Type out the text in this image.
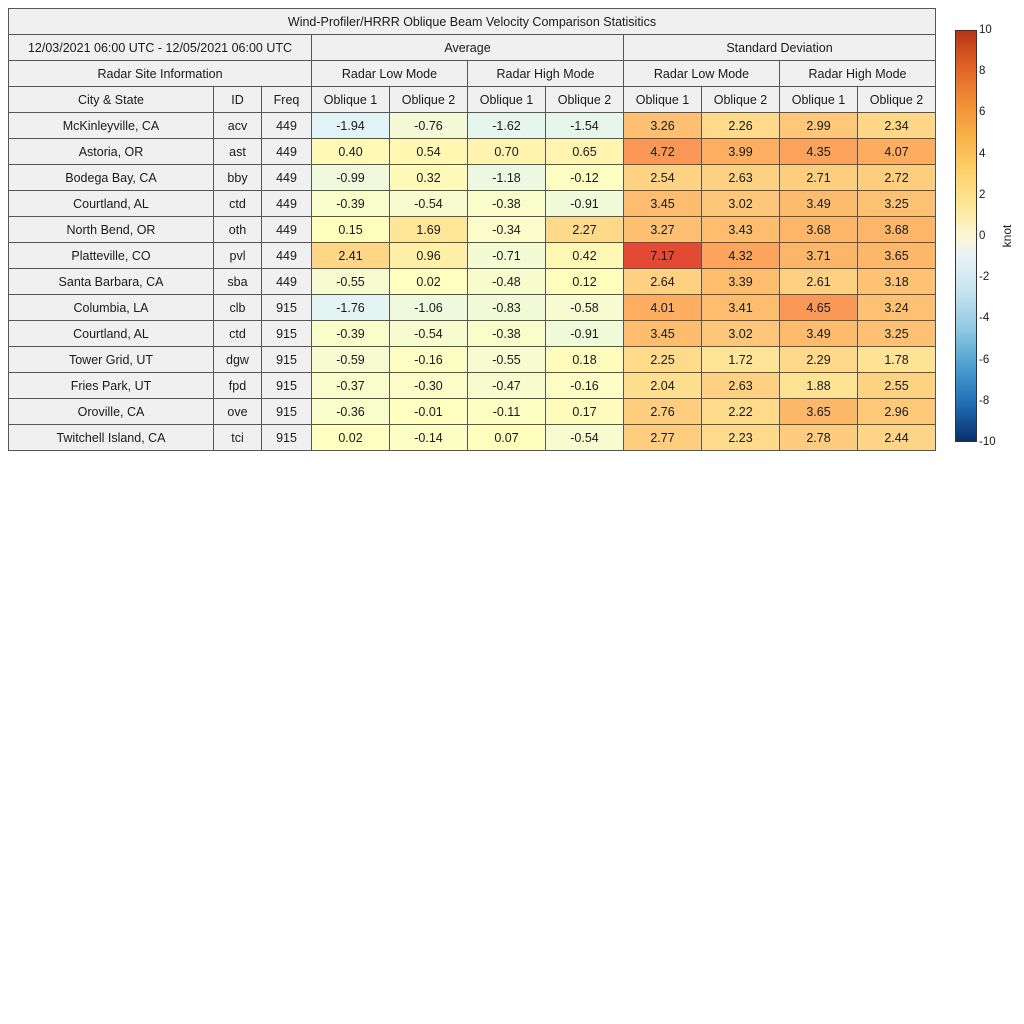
Wind-Profiler/HRRR Oblique Beam Velocity Comparison Statisitics										
12/03/2021 06:00 UTC - 12/05/2021 06:00 UTC			Average				Standard Deviation			
Radar Site Information			Radar Low Mode		Radar High Mode		Radar Low Mode		Radar High Mode	
City & State	ID	Freq	Oblique 1	Oblique 2	Oblique 1	Oblique 2	Oblique 1	Oblique 2	Oblique 1	Oblique 2
McKinleyville, CA	acv	449	-1.94	-0.76	-1.62	-1.54	3.26	2.26	2.99	2.34
Astoria, OR	ast	449	0.40	0.54	0.70	0.65	4.72	3.99	4.35	4.07
Bodega Bay, CA	bby	449	-0.99	0.32	-1.18	-0.12	2.54	2.63	2.71	2.72
Courtland, AL	ctd	449	-0.39	-0.54	-0.38	-0.91	3.45	3.02	3.49	3.25
North Bend, OR	oth	449	0.15	1.69	-0.34	2.27	3.27	3.43	3.68	3.68
Platteville, CO	pvl	449	2.41	0.96	-0.71	0.42	7.17	4.32	3.71	3.65
Santa Barbara, CA	sba	449	-0.55	0.02	-0.48	0.12	2.64	3.39	2.61	3.18
Columbia, LA	clb	915	-1.76	-1.06	-0.83	-0.58	4.01	3.41	4.65	3.24
Courtland, AL	ctd	915	-0.39	-0.54	-0.38	-0.91	3.45	3.02	3.49	3.25
Tower Grid, UT	dgw	915	-0.59	-0.16	-0.55	0.18	2.25	1.72	2.29	1.78
Fries Park, UT	fpd	915	-0.37	-0.30	-0.47	-0.16	2.04	2.63	1.88	2.55
Oroville, CA	ove	915	-0.36	-0.01	-0.11	0.17	2.76	2.22	3.65	2.96
Twitchell Island, CA	tci	915	0.02	-0.14	0.07	-0.54	2.77	2.23	2.78	2.44
10
8
6
4
2
0
-2
-4
-6
-8
-10
knot
